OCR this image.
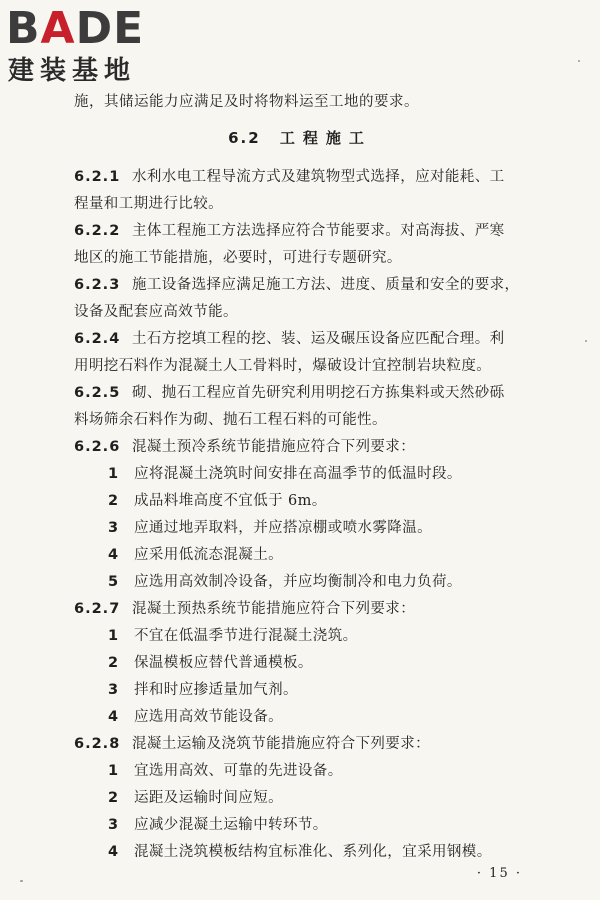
BADE
建装基地
施，其储运能力应满足及时将物料运至工地的要求。
6.2 工程施工
6.2.1 水利水电工程导流方式及建筑物型式选择，应对能耗、工
程量和工期进行比较。
6.2.2 主体工程施工方法选择应符合节能要求。对高海拔、严寒
地区的施工节能措施，必要时，可进行专题研究。
6.2.3 施工设备选择应满足施工方法、进度、质量和安全的要求，
设备及配套应高效节能。
6.2.4 土石方挖填工程的挖、装、运及碾压设备应匹配合理。利
用明挖石料作为混凝土人工骨料时，爆破设计宜控制岩块粒度。
6.2.5 砌、抛石工程应首先研究利用明挖石方拣集料或天然砂砾
料场筛余石料作为砌、抛石工程石料的可能性。
6.2.6 混凝土预冷系统节能措施应符合下列要求：
1 应将混凝土浇筑时间安排在高温季节的低温时段。
2 成品料堆高度不宜低于 6m。
3 应通过地弄取料，并应搭凉棚或喷水雾降温。
4 应采用低流态混凝土。
5 应选用高效制冷设备，并应均衡制冷和电力负荷。
6.2.7 混凝土预热系统节能措施应符合下列要求：
1 不宜在低温季节进行混凝土浇筑。
2 保温模板应替代普通模板。
3 拌和时应掺适量加气剂。
4 应选用高效节能设备。
6.2.8 混凝土运输及浇筑节能措施应符合下列要求：
1 宜选用高效、可靠的先进设备。
2 运距及运输时间应短。
3 应减少混凝土运输中转环节。
4 混凝土浇筑模板结构宜标准化、系列化，宜采用钢模。
· 15 ·
